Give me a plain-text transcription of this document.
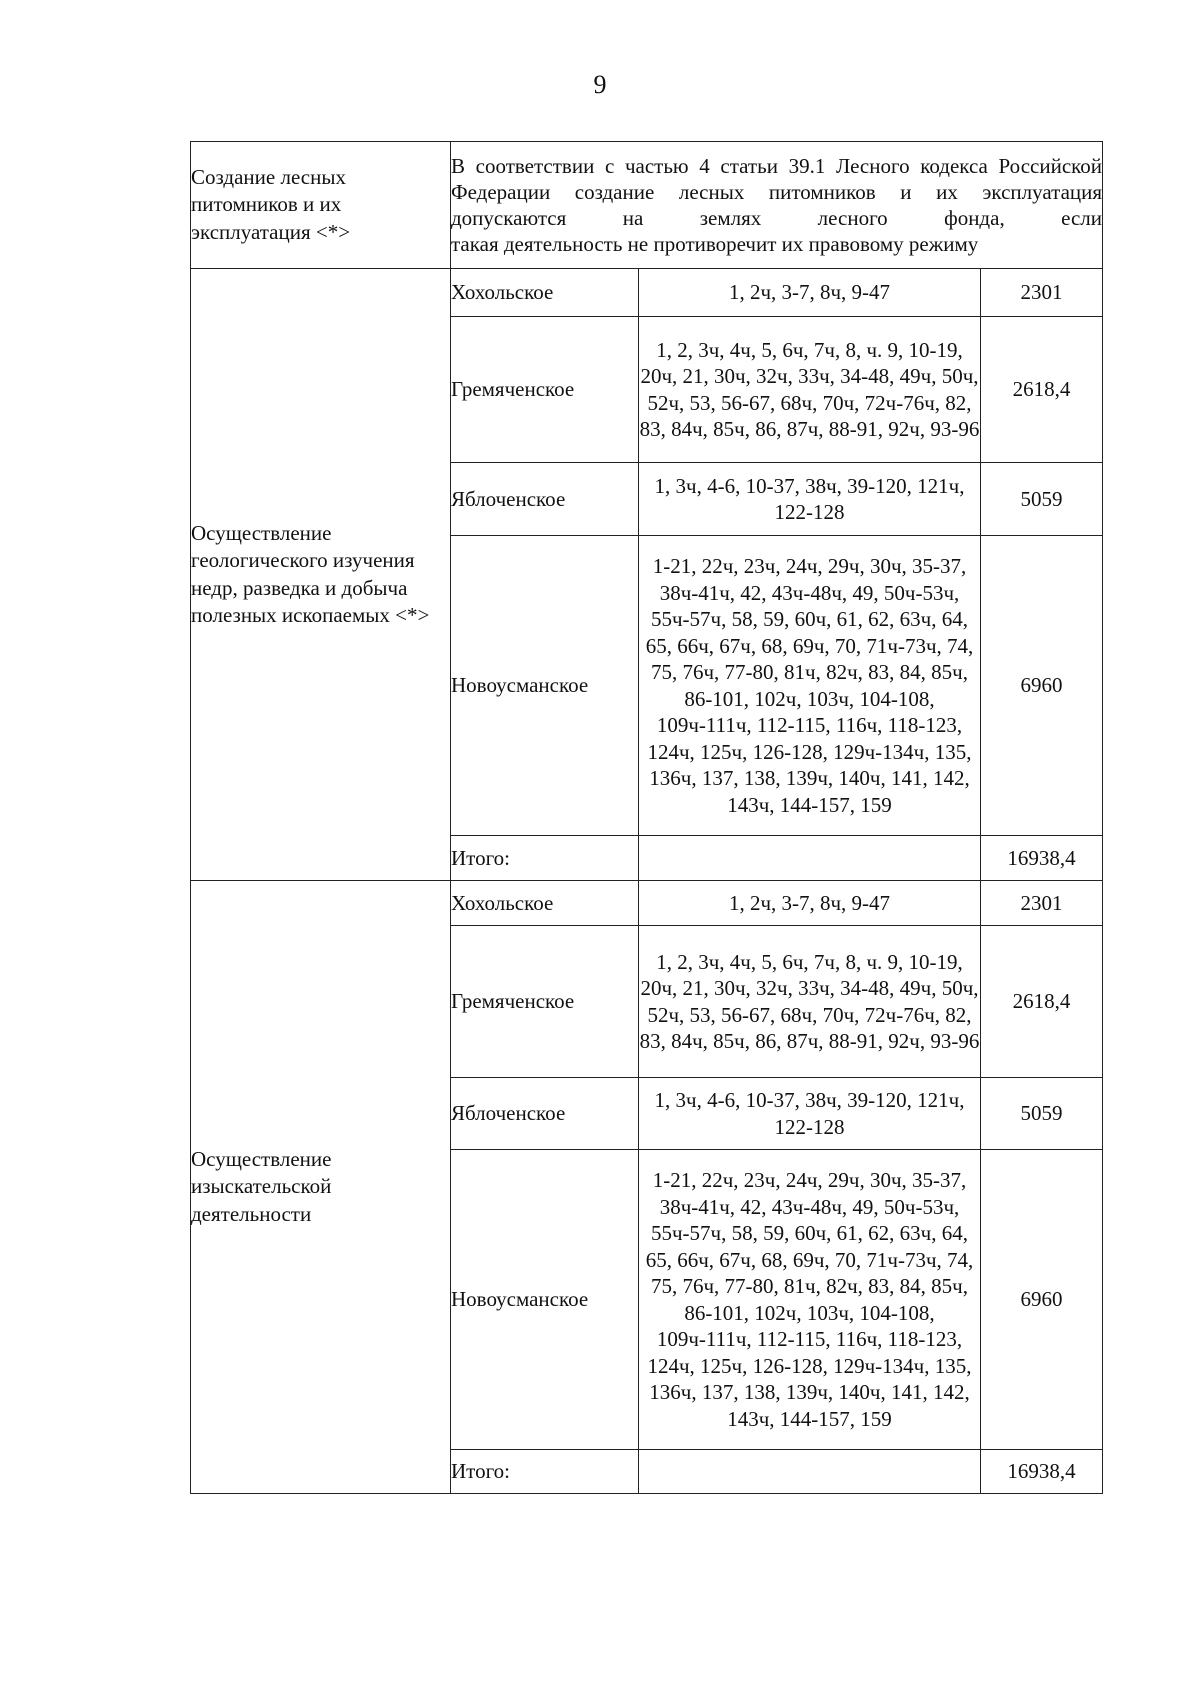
9
Создание лесных питомников и их эксплуатация <*>	В соответствии с частью 4 статьи 39.1 Лесного кодекса Российской Федерации создание лесных питомников и их эксплуатация допускаются на землях лесного фонда, если
такая деятельность не противоречит их правовому режиму		

Осуществление геологического изучения недр, разведка и добыча полезных ископаемых <*>	Хохольское	1, 2ч, 3-7, 8ч, 9-47	2301
	Гремяченское	1, 2, 3ч, 4ч, 5, 6ч, 7ч, 8, ч. 9, 10-19, 20ч, 21, 30ч, 32ч, 33ч, 34-48, 49ч, 50ч, 52ч, 53, 56-67, 68ч, 70ч, 72ч-76ч, 82, 83, 84ч, 85ч, 86, 87ч, 88-91, 92ч, 93-96	2618,4
	Яблоченское	1, 3ч, 4-6, 10-37, 38ч, 39-120, 121ч, 122-128	5059
	Новоусманское	1-21, 22ч, 23ч, 24ч, 29ч, 30ч, 35-37, 38ч-41ч, 42, 43ч-48ч, 49, 50ч-53ч, 55ч-57ч, 58, 59, 60ч, 61, 62, 63ч, 64, 65, 66ч, 67ч, 68, 69ч, 70, 71ч-73ч, 74, 75, 76ч, 77-80, 81ч, 82ч, 83, 84, 85ч, 86-101, 102ч, 103ч, 104-108, 109ч-111ч, 112-115, 116ч, 118-123, 124ч, 125ч, 126-128, 129ч-134ч, 135, 136ч, 137, 138, 139ч, 140ч, 141, 142, 143ч, 144-157, 159	6960
	Итого:		16938,4
Осуществление изыскательской деятельности	Хохольское	1, 2ч, 3-7, 8ч, 9-47	2301
	Гремяченское	1, 2, 3ч, 4ч, 5, 6ч, 7ч, 8, ч. 9, 10-19, 20ч, 21, 30ч, 32ч, 33ч, 34-48, 49ч, 50ч, 52ч, 53, 56-67, 68ч, 70ч, 72ч-76ч, 82, 83, 84ч, 85ч, 86, 87ч, 88-91, 92ч, 93-96	2618,4
	Яблоченское	1, 3ч, 4-6, 10-37, 38ч, 39-120, 121ч, 122-128	5059
	Новоусманское	1-21, 22ч, 23ч, 24ч, 29ч, 30ч, 35-37, 38ч-41ч, 42, 43ч-48ч, 49, 50ч-53ч, 55ч-57ч, 58, 59, 60ч, 61, 62, 63ч, 64, 65, 66ч, 67ч, 68, 69ч, 70, 71ч-73ч, 74, 75, 76ч, 77-80, 81ч, 82ч, 83, 84, 85ч, 86-101, 102ч, 103ч, 104-108, 109ч-111ч, 112-115, 116ч, 118-123, 124ч, 125ч, 126-128, 129ч-134ч, 135, 136ч, 137, 138, 139ч, 140ч, 141, 142, 143ч, 144-157, 159	6960
	Итого:		16938,4
